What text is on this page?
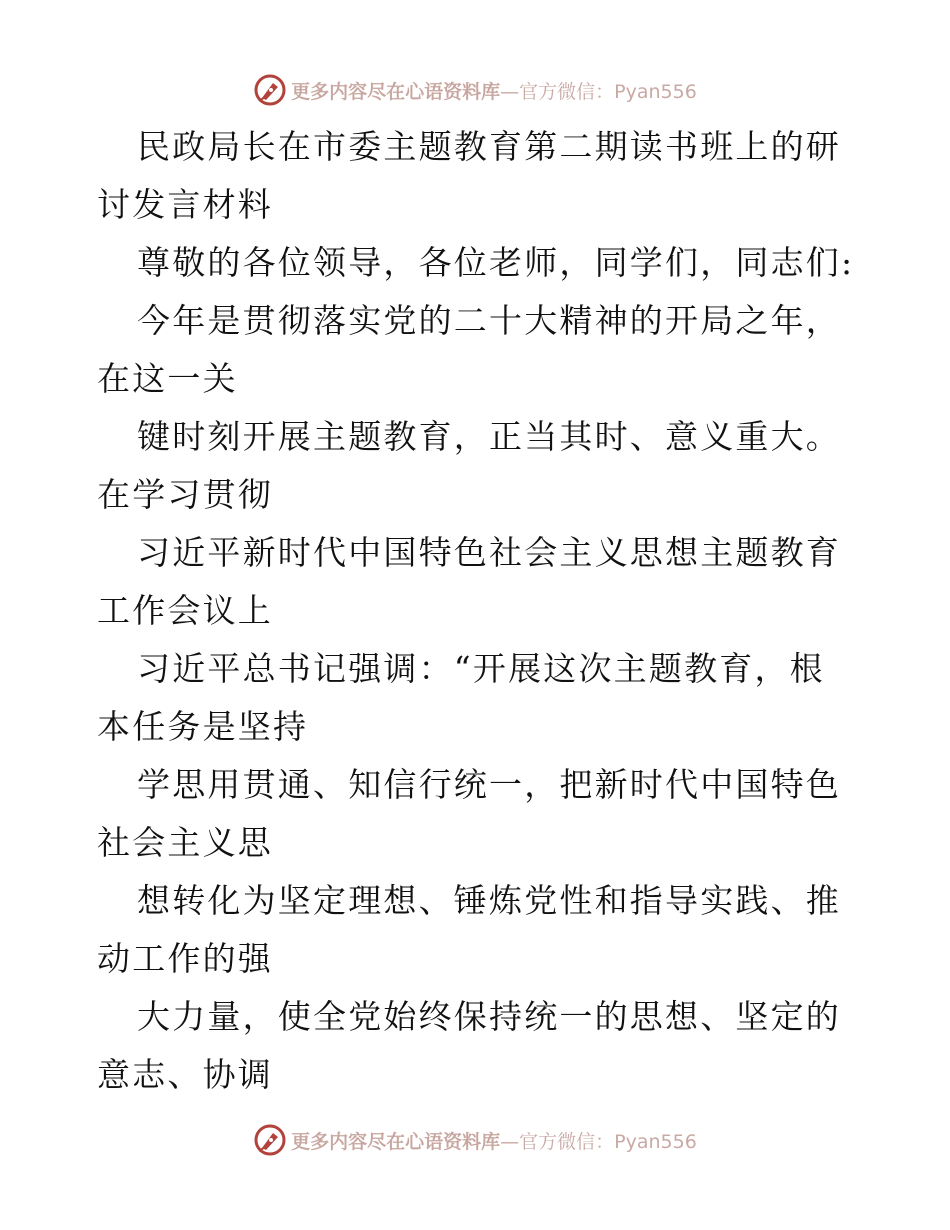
更多内容尽在心语资料库—官方微信：Pyan556

民政局长在市委主题教育第二期读书班上的研讨发言材料

尊敬的各位领导，各位老师，同学们，同志们:

今年是贯彻落实党的二十大精神的开局之年，在这一关

键时刻开展主题教育，正当其时、意义重大。在学习贯彻

习近平新时代中国特色社会主义思想主题教育工作会议上

习近平总书记强调：“开展这次主题教育，根本任务是坚持

学思用贯通、知信行统一，把新时代中国特色社会主义思

想转化为坚定理想、锤炼党性和指导实践、推动工作的强

大力量，使全党始终保持统一的思想、坚定的意志、协调

更多内容尽在心语资料库—官方微信：Pyan556
